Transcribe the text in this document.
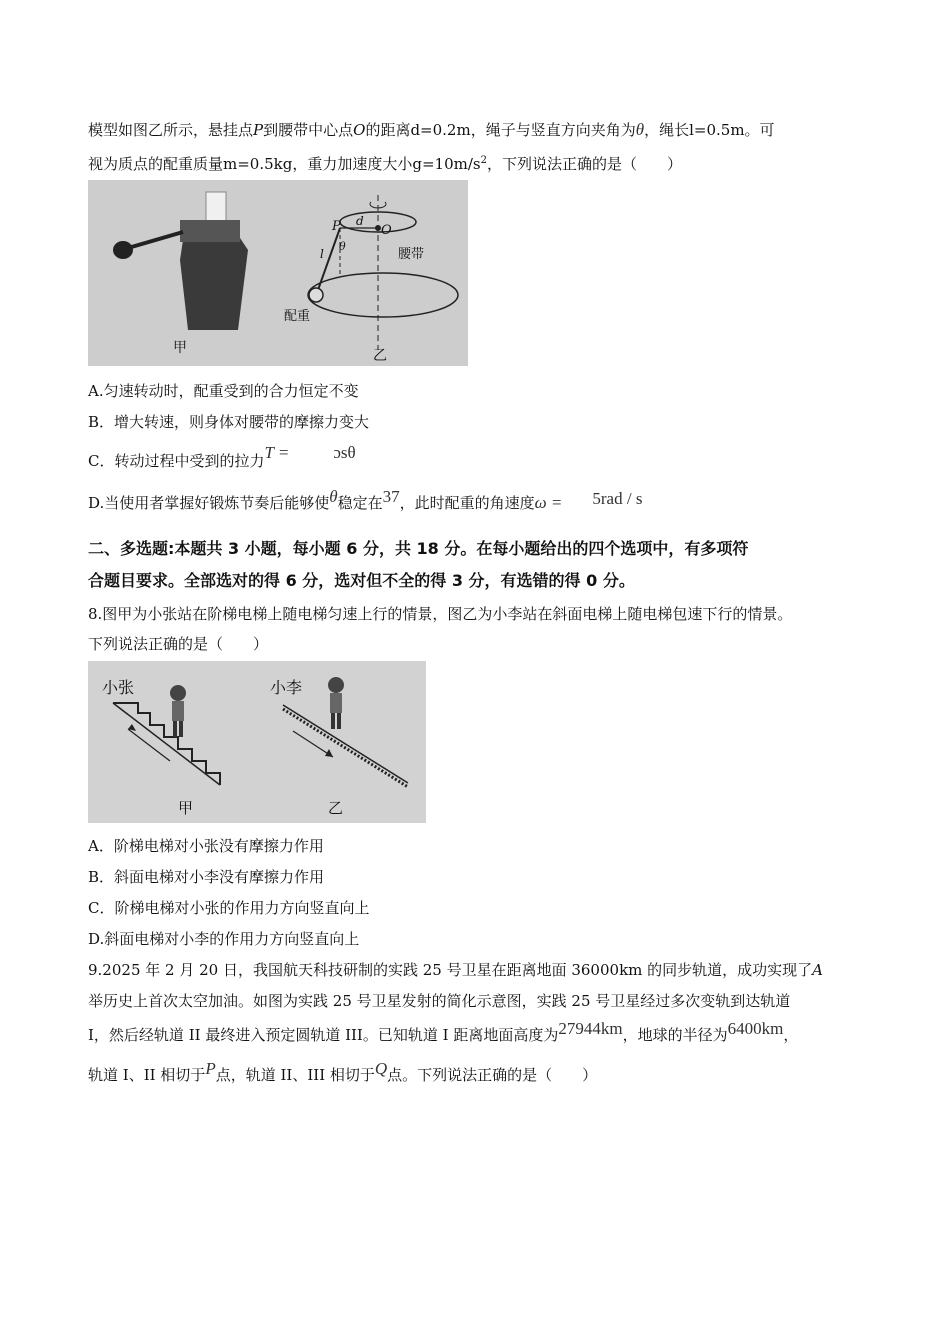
模型如图乙所示，悬挂点P到腰带中心点O的距离d=0.2m，绳子与竖直方向夹角为θ，绳长l=0.5m。可
视为质点的配重质量m=0.5kg，重力加速度大小$g=10m/s^2$，下列说法正确的是（　　）
甲
P	O
d
l
θ
腰带
配重
乙
A.匀速转动时，配重受到的合力恒定不变
B．增大转速，则身体对腰带的摩擦力变大
C．转动过程中受到的拉力T =	ɔsθ
D.当使用者掌握好锻炼节奏后能够使θ稳定在37，此时配重的角速度ω = 5rad / s
二、多选题:本题共 3 小题，每小题 6 分，共 18 分。在每小题给出的四个选项中，有多项符
合题目要求。全部选对的得 6 分，选对但不全的得 3 分，有选错的得 0 分。
8.图甲为小张站在阶梯电梯上随电梯匀速上行的情景，图乙为小李站在斜面电梯上随电梯包速下行的情景。
下列说法正确的是（　　）
小张
甲
小李
乙
A．阶梯电梯对小张没有摩擦力作用
B．斜面电梯对小李没有摩擦力作用
C．阶梯电梯对小张的作用力方向竖直向上
D.斜面电梯对小李的作用力方向竖直向上
9.2025 年 2 月 20 日，我国航天科技研制的实践 25 号卫星在距离地面 36000km 的同步轨道，成功实现了A
举历史上首次太空加油。如图为实践 25 号卫星发射的简化示意图，实践 25 号卫星经过多次变轨到达轨道
I，然后经轨道 II 最终进入预定圆轨道 III。已知轨道 I 距离地面高度为27944km，地球的半径为6400km，
轨道 I、II 相切于P点，轨道 II、III 相切于Q点。下列说法正确的是（　　）
